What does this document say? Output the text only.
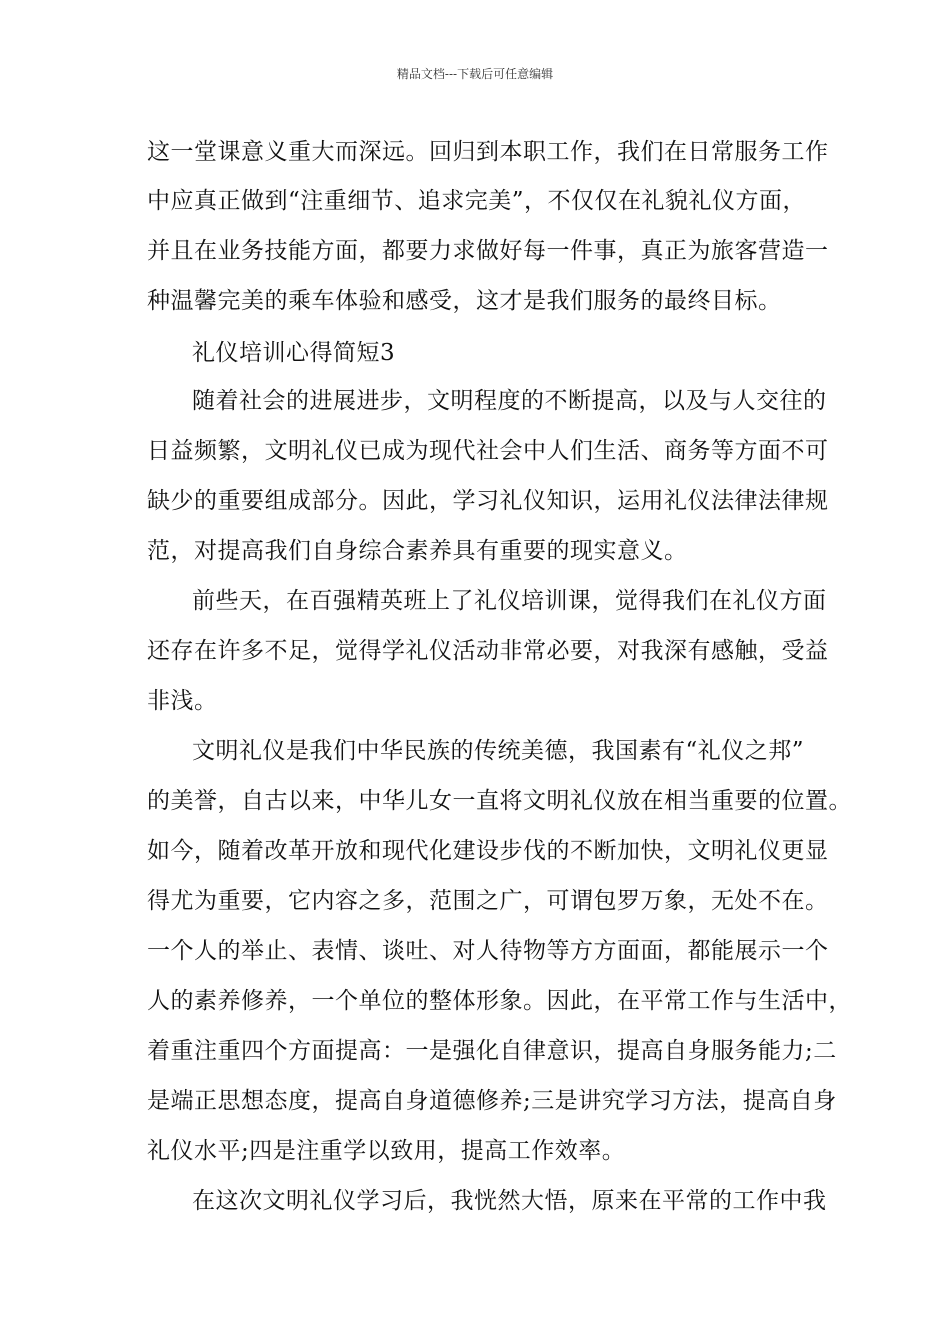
精品文档---下载后可任意编辑
这一堂课意义重大而深远。回归到本职工作，我们在日常服务工作
中应真正做到“注重细节、追求完美”，不仅仅在礼貌礼仪方面，
并且在业务技能方面，都要力求做好每一件事，真正为旅客营造一
种温馨完美的乘车体验和感受，这才是我们服务的最终目标。
礼仪培训心得简短3
随着社会的进展进步，文明程度的不断提高，以及与人交往的
日益频繁，文明礼仪已成为现代社会中人们生活、商务等方面不可
缺少的重要组成部分。因此，学习礼仪知识，运用礼仪法律法律规
范，对提高我们自身综合素养具有重要的现实意义。
前些天，在百强精英班上了礼仪培训课，觉得我们在礼仪方面
还存在许多不足，觉得学礼仪活动非常必要，对我深有感触，受益
非浅。
文明礼仪是我们中华民族的传统美德，我国素有“礼仪之邦”
的美誉，自古以来，中华儿女一直将文明礼仪放在相当重要的位置。
如今，随着改革开放和现代化建设步伐的不断加快，文明礼仪更显
得尤为重要，它内容之多，范围之广，可谓包罗万象，无处不在。
一个人的举止、表情、谈吐、对人待物等方方面面，都能展示一个
人的素养修养，一个单位的整体形象。因此，在平常工作与生活中，
着重注重四个方面提高：一是强化自律意识，提高自身服务能力;二
是端正思想态度，提高自身道德修养;三是讲究学习方法，提高自身
礼仪水平;四是注重学以致用，提高工作效率。
在这次文明礼仪学习后，我恍然大悟，原来在平常的工作中我
